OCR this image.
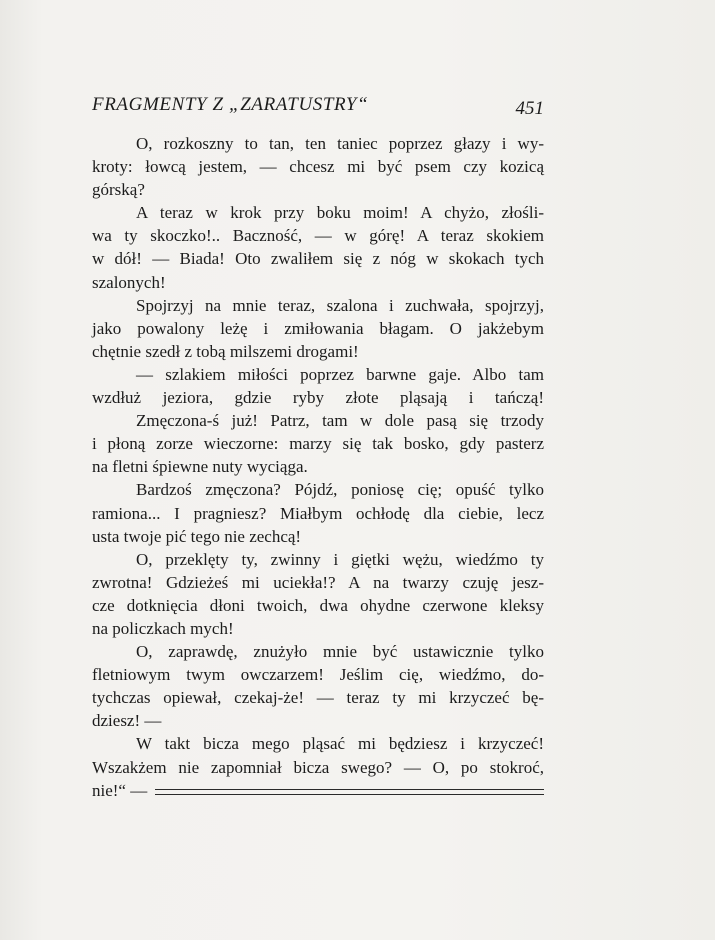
FRAGMENTY Z „ZARATUSTRY“	451
O, rozkoszny to tan, ten taniec poprzez głazy i wy-
kroty: łowcą jestem, — chcesz mi być psem czy kozicą
górską?
A teraz w krok przy boku moim! A chyżo, złośli-
wa ty skoczko!.. Baczność, — w górę! A teraz skokiem
w dół! — Biada! Oto zwaliłem się z nóg w skokach tych
szalonych!
Spojrzyj na mnie teraz, szalona i zuchwała, spojrzyj,
jako powalony leżę i zmiłowania błagam. O jakżebym
chętnie szedł z tobą milszemi drogami!
— szlakiem miłości poprzez barwne gaje. Albo tam
wzdłuż jeziora, gdzie ryby złote pląsają i tańczą!
Zmęczona-ś już! Patrz, tam w dole pasą się trzody
i płoną zorze wieczorne: marzy się tak bosko, gdy pasterz
na fletni śpiewne nuty wyciąga.
Bardzoś zmęczona? Pójdź, poniosę cię; opuść tylko
ramiona... I pragniesz? Miałbym ochłodę dla ciebie, lecz
usta twoje pić tego nie zechcą!
O, przeklęty ty, zwinny i giętki wężu, wiedźmo ty
zwrotna! Gdzieżeś mi uciekła!? A na twarzy czuję jesz-
cze dotknięcia dłoni twoich, dwa ohydne czerwone kleksy
na policzkach mych!
O, zaprawdę, znużyło mnie być ustawicznie tylko
fletniowym twym owczarzem! Jeślim cię, wiedźmo, do-
tychczas opiewał, czekaj-że! — teraz ty mi krzyczeć bę-
dziesz! —
W takt bicza mego pląsać mi będziesz i krzyczeć!
Wszakżem nie zapomniał bicza swego? — O, po stokroć,
nie!“ —
